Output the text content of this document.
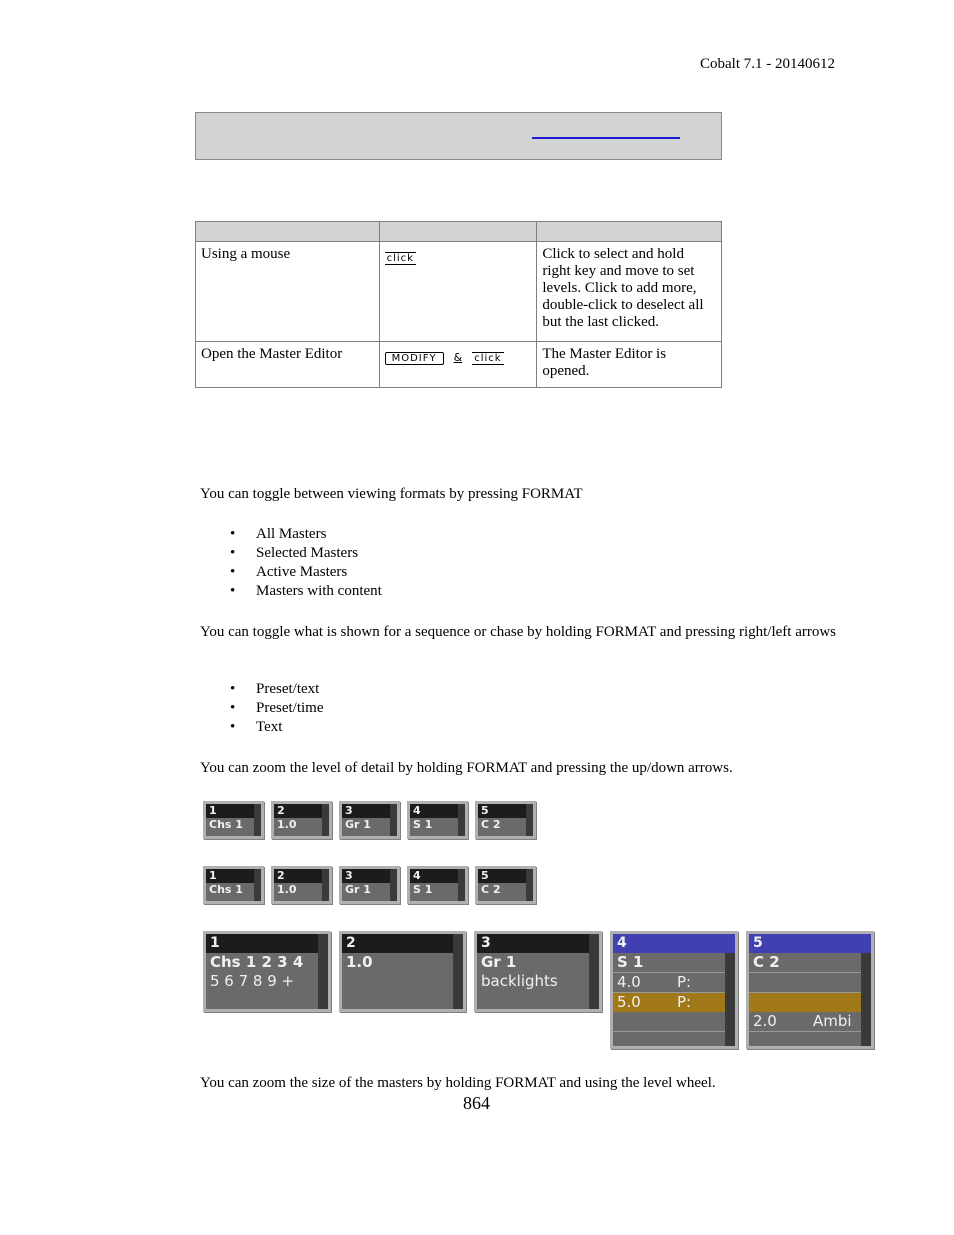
Cobalt 7.1 - 20140612

Using a mouse	click	Click to select and hold right key and move to set levels. Click to add more, double-click to deselect all but the last clicked.
Open the Master Editor	MODIFY & click	The Master Editor is opened.
You can toggle between viewing formats by pressing FORMAT
• All Masters
• Selected Masters
• Active Masters
• Masters with content
You can toggle what is shown for a sequence or chase by holding FORMAT and pressing right/left arrows
• Preset/text
• Preset/time
• Text
You can zoom the level of detail by holding FORMAT and pressing the up/down arrows.
1
Chs 1
2
1.0
3
Gr 1
4
S 1
5
C 2
1
Chs 1
2
1.0
3
Gr 1
4
S 1
5
C 2
1
Chs 1 2 3 4
5 6 7 8 9 +
2
1.0
3
Gr 1
backlights
4
S 1
4.0 P:
5.0 P:
5
C 2
2.0 Ambi
You can zoom the size of the masters by holding FORMAT and using the level wheel.
864
